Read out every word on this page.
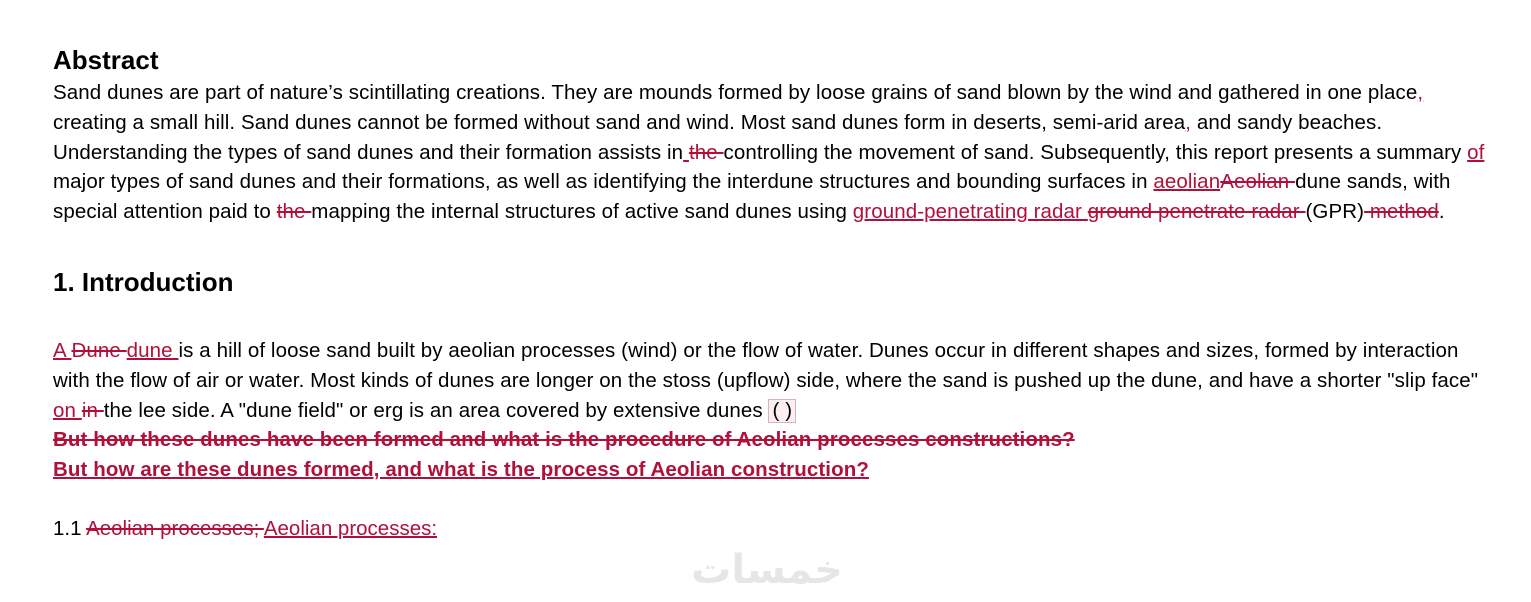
Abstract

Sand dunes are part of nature’s scintillating creations. They are mounds formed by loose grains of sand blown by the wind and gathered in one place, creating a small hill. Sand dunes cannot be formed without sand and wind. Most sand dunes form in deserts, semi-arid area, and sandy beaches. Understanding the types of sand dunes and their formation assists in the controlling the movement of sand. Subsequently, this report presents a summary of major types of sand dunes and their formations, as well as identifying the interdune structures and bounding surfaces in aeolianAeolian dune sands, with special attention paid to the mapping the internal structures of active sand dunes using ground-penetrating radar ground penetrate radar (GPR) method.

1. Introduction

A Dune dune is a hill of loose sand built by aeolian processes (wind) or the flow of water. Dunes occur in different shapes and sizes, formed by interaction with the flow of air or water. Most kinds of dunes are longer on the stoss (upflow) side, where the sand is pushed up the dune, and have a shorter "slip face" on in the lee side. A "dune field" or erg is an area covered by extensive dunes ( )
But how these dunes have been formed and what is the procedure of Aeolian processes constructions?
But how are these dunes formed, and what is the process of Aeolian construction?

1.1 Aeolian processes; Aeolian processes:
خمسات
